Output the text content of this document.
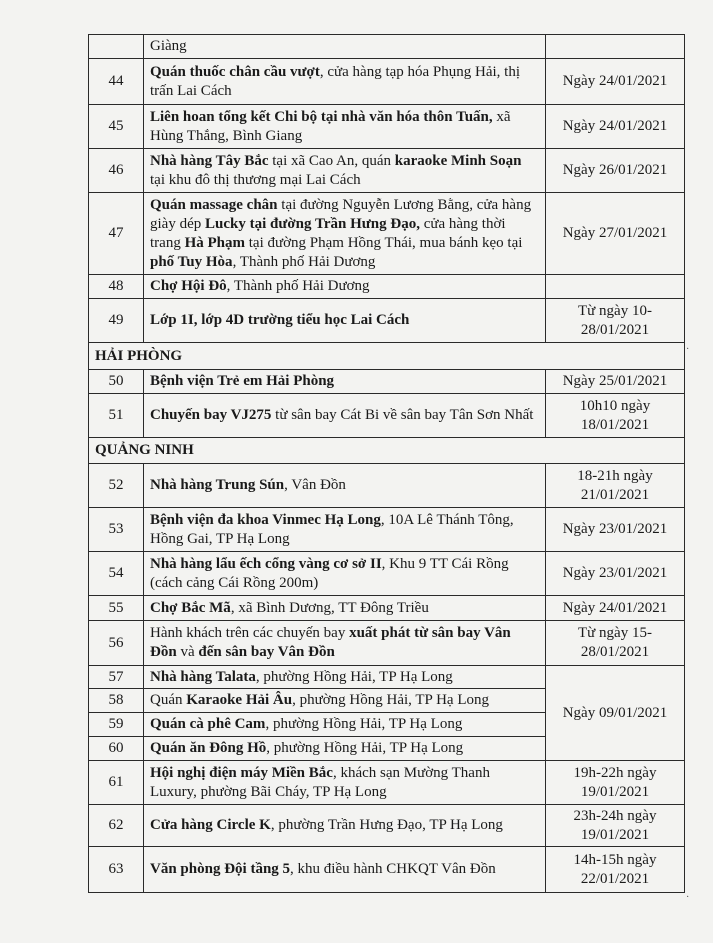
	Giàng	
44	Quán thuốc chân cầu vượt, cửa hàng tạp hóa Phụng Hải, thị trấn Lai Cách	Ngày 24/01/2021
45	Liên hoan tổng kết Chi bộ tại nhà văn hóa thôn Tuấn, xã Hùng Thắng, Bình Giang	Ngày 24/01/2021
46	Nhà hàng Tây Bắc tại xã Cao An, quán karaoke Minh Soạn tại khu đô thị thương mại Lai Cách	Ngày 26/01/2021
47	Quán massage chân tại đường Nguyễn Lương Bằng, cửa hàng giày dép Lucky tại đường Trần Hưng Đạo, cửa hàng thời trang Hà Phạm tại đường Phạm Hồng Thái, mua bánh kẹo tại phố Tuy Hòa, Thành phố Hải Dương	Ngày 27/01/2021
48	Chợ Hội Đô, Thành phố Hải Dương	
49	Lớp 1I, lớp 4D trường tiểu học Lai Cách	Từ ngày 10-28/01/2021
HẢI PHÒNG		
50	Bệnh viện Trẻ em Hải Phòng	Ngày 25/01/2021
51	Chuyến bay VJ275 từ sân bay Cát Bi về sân bay Tân Sơn Nhất	10h10 ngày 18/01/2021
QUẢNG NINH		
52	Nhà hàng Trung Sún, Vân Đồn	18-21h ngày 21/01/2021
53	Bệnh viện đa khoa Vinmec Hạ Long, 10A Lê Thánh Tông, Hồng Gai, TP Hạ Long	Ngày 23/01/2021
54	Nhà hàng lẩu ếch cổng vàng cơ sở II, Khu 9 TT Cái Rồng (cách cảng Cái Rồng 200m)	Ngày 23/01/2021
55	Chợ Bắc Mã, xã Bình Dương, TT Đông Triều	Ngày 24/01/2021
56	Hành khách trên các chuyến bay xuất phát từ sân bay Vân Đồn và đến sân bay Vân Đồn	Từ ngày 15-28/01/2021
57	Nhà hàng Talata, phường Hồng Hải, TP Hạ Long	Ngày 09/01/2021
58	Quán Karaoke Hải Âu, phường Hồng Hải, TP Hạ Long	
59	Quán cà phê Cam, phường Hồng Hải, TP Hạ Long	
60	Quán ăn Đông Hồ, phường Hồng Hải, TP Hạ Long	
61	Hội nghị điện máy Miền Bắc, khách sạn Mường Thanh Luxury, phường Bãi Cháy, TP Hạ Long	19h-22h ngày 19/01/2021
62	Cửa hàng Circle K, phường Trần Hưng Đạo, TP Hạ Long	23h-24h ngày 19/01/2021
63	Văn phòng Đội tầng 5, khu điều hành CHKQT Vân Đồn	14h-15h ngày 22/01/2021
·
·
